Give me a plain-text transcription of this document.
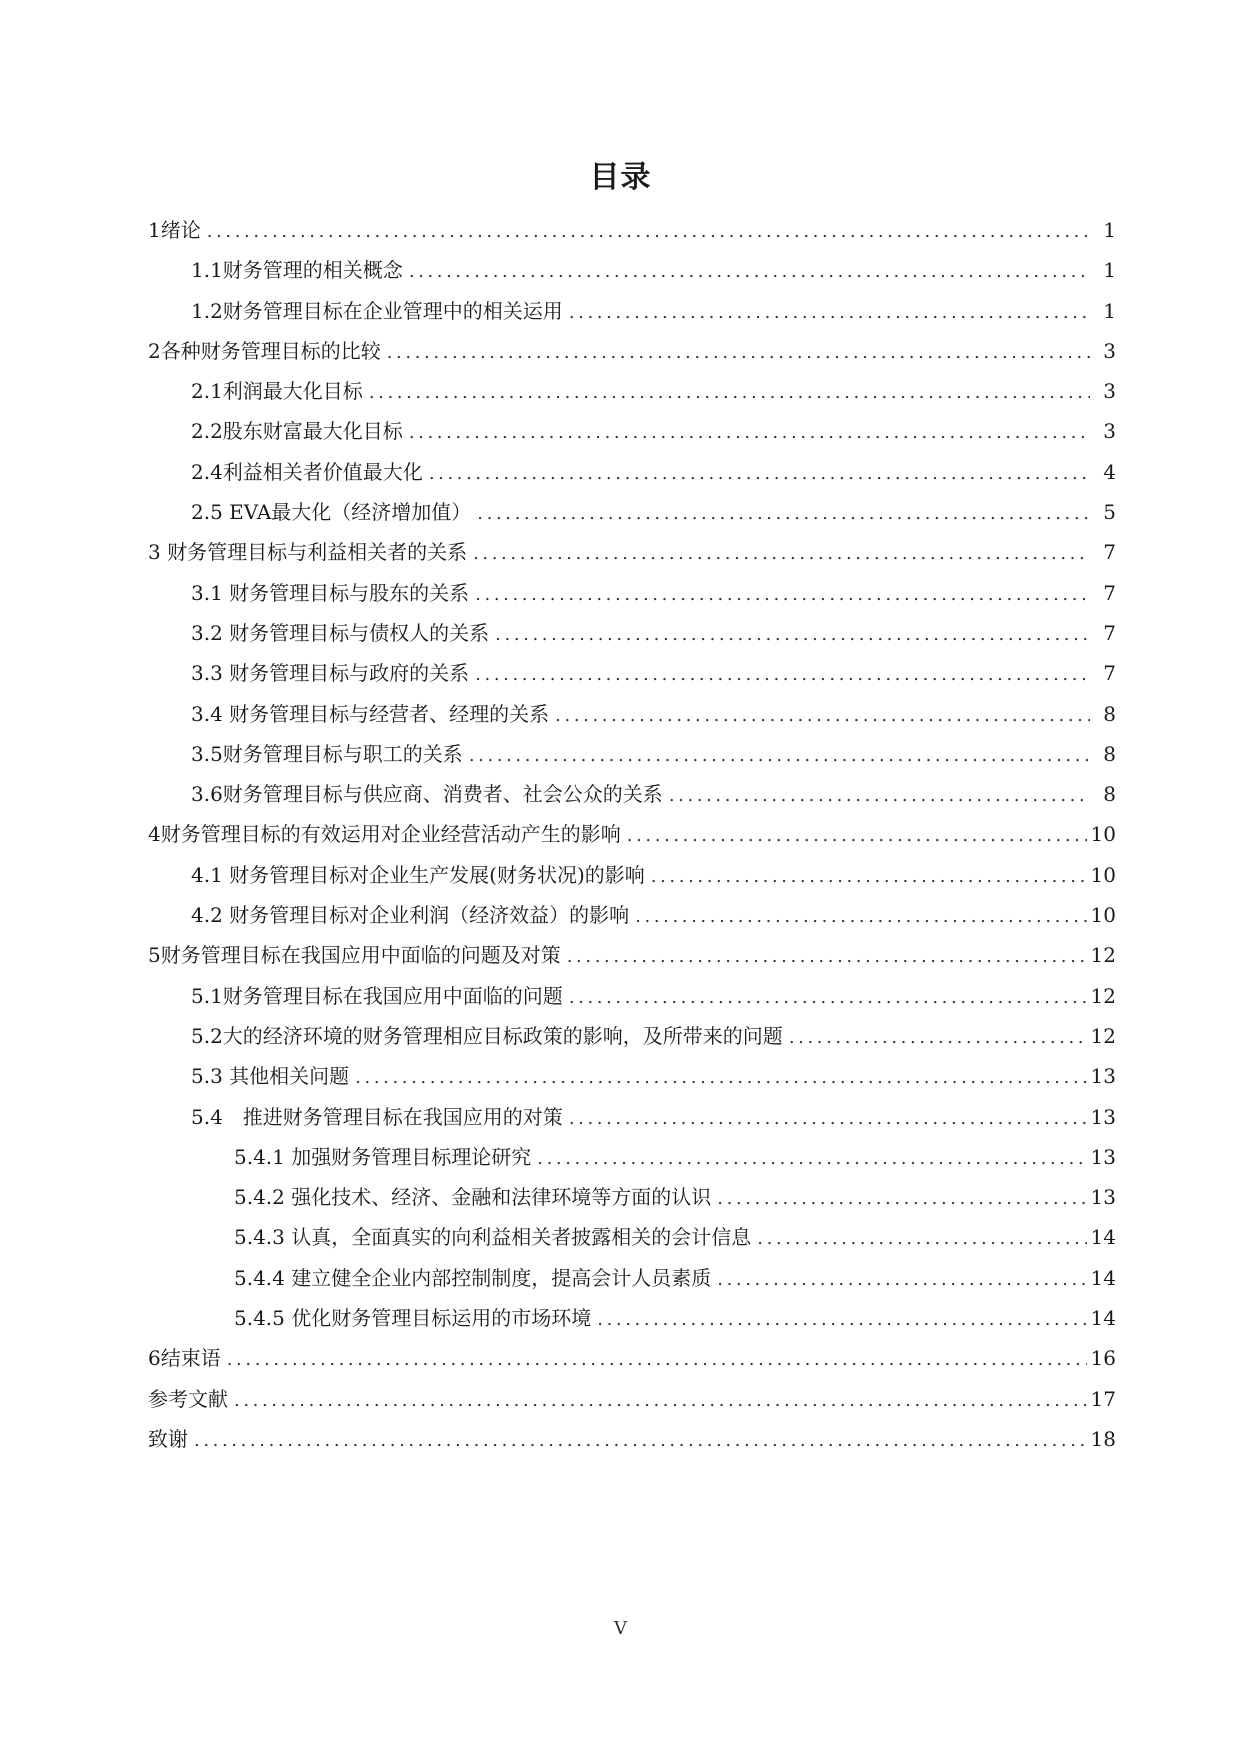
目录
1绪论 .....	1
1.1财务管理的相关概念 .....	1
1.2财务管理目标在企业管理中的相关运用 .....	1
2各种财务管理目标的比较 .....	3
2.1利润最大化目标 .....	3
2.2股东财富最大化目标 .....	3
2.4利益相关者价值最大化 .....	4
2.5 EVA最大化（经济增加值） .....	5
3 财务管理目标与利益相关者的关系 .....	7
3.1 财务管理目标与股东的关系 .....	7
3.2 财务管理目标与债权人的关系 .....	7
3.3 财务管理目标与政府的关系 .....	7
3.4 财务管理目标与经营者、经理的关系 .....	8
3.5财务管理目标与职工的关系 .....	8
3.6财务管理目标与供应商、消费者、社会公众的关系 .....	8
4财务管理目标的有效运用对企业经营活动产生的影响 .....	10
4.1 财务管理目标对企业生产发展(财务状况)的影响 .....	10
4.2 财务管理目标对企业利润（经济效益）的影响 .....	10
5财务管理目标在我国应用中面临的问题及对策 .....	12
5.1财务管理目标在我国应用中面临的问题 .....	12
5.2大的经济环境的财务管理相应目标政策的影响，及所带来的问题 .....	12
5.3 其他相关问题 .....	13
5.4　推进财务管理目标在我国应用的对策 .....	13
5.4.1 加强财务管理目标理论研究 .....	13
5.4.2 强化技术、经济、金融和法律环境等方面的认识 .....	13
5.4.3 认真，全面真实的向利益相关者披露相关的会计信息 .....	14
5.4.4 建立健全企业内部控制制度，提高会计人员素质 .....	14
5.4.5 优化财务管理目标运用的市场环境 .....	14
6结束语 .....	16
参考文献 .....	17
致谢 .....	18
V
